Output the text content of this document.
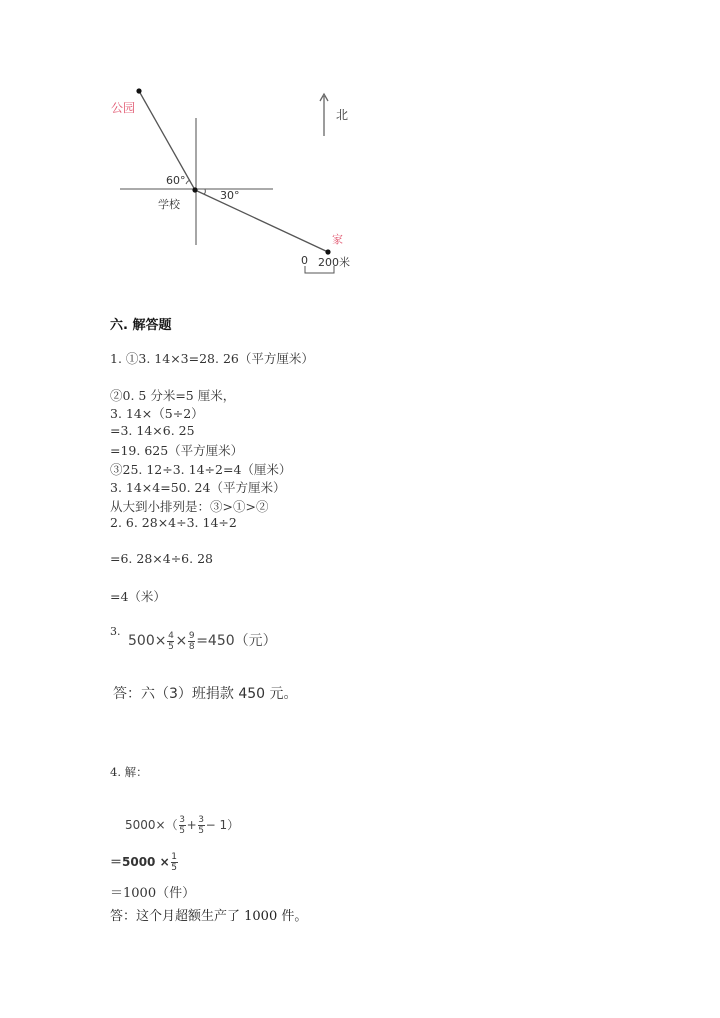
公园	北
60°
30°
学校
家
0 200米
六. 解答题
1. ①3. 14×3=28. 26（平方厘米）
②0. 5 分米=5 厘米，
3. 14×（5÷2）
=3. 14×6. 25
=19. 625（平方厘米）
③25. 12÷3. 14÷2=4（厘米）
3. 14×4=50. 24（平方厘米）
从大到小排列是：③>①>②
2. 6. 28×4÷3. 14÷2
=6. 28×4÷6. 28
=4（米）
3.
$500\times \frac{4}{5} \times \frac{9}{8} =450$（元）
答：六（3）班捐款 450 元。
4. 解：
$5000\times( \frac{3}{5} + \frac{3}{5} - 1)$
$=5000 \times \frac{1}{5}$
＝1000（件）
答：这个月超额生产了 1000 件。
